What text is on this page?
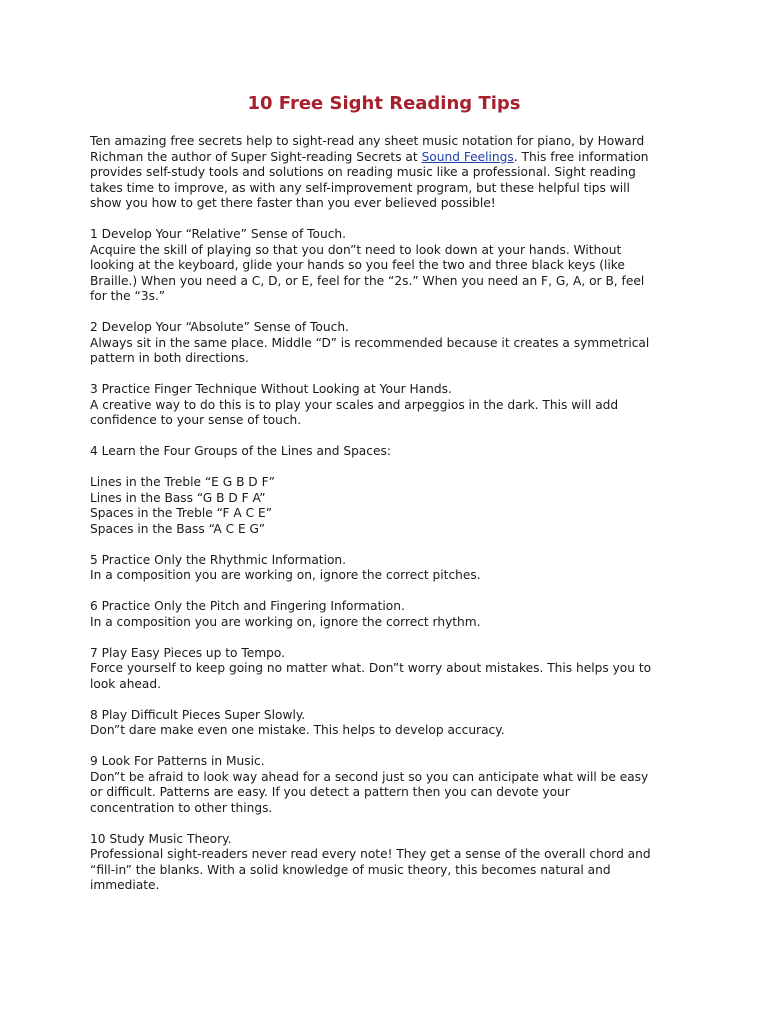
10 Free Sight Reading Tips

Ten amazing free secrets help to sight-read any sheet music notation for piano, by Howard
Richman the author of Super Sight-reading Secrets at Sound Feelings. This free information
provides self-study tools and solutions on reading music like a professional. Sight reading
takes time to improve, as with any self-improvement program, but these helpful tips will
show you how to get there faster than you ever believed possible!

1 Develop Your “Relative” Sense of Touch.
Acquire the skill of playing so that you don”t need to look down at your hands. Without
looking at the keyboard, glide your hands so you feel the two and three black keys (like
Braille.) When you need a C, D, or E, feel for the “2s.” When you need an F, G, A, or B, feel
for the “3s.”

2 Develop Your “Absolute” Sense of Touch.
Always sit in the same place. Middle “D” is recommended because it creates a symmetrical
pattern in both directions.

3 Practice Finger Technique Without Looking at Your Hands.
A creative way to do this is to play your scales and arpeggios in the dark. This will add
confidence to your sense of touch.

4 Learn the Four Groups of the Lines and Spaces:

Lines in the Treble “E G B D F”
Lines in the Bass “G B D F A”
Spaces in the Treble “F A C E”
Spaces in the Bass “A C E G”

5 Practice Only the Rhythmic Information.
In a composition you are working on, ignore the correct pitches.

6 Practice Only the Pitch and Fingering Information.
In a composition you are working on, ignore the correct rhythm.

7 Play Easy Pieces up to Tempo.
Force yourself to keep going no matter what. Don”t worry about mistakes. This helps you to
look ahead.

8 Play Difficult Pieces Super Slowly.
Don”t dare make even one mistake. This helps to develop accuracy.

9 Look For Patterns in Music.
Don”t be afraid to look way ahead for a second just so you can anticipate what will be easy
or difficult. Patterns are easy. If you detect a pattern then you can devote your
concentration to other things.

10 Study Music Theory.
Professional sight-readers never read every note! They get a sense of the overall chord and
“fill-in” the blanks. With a solid knowledge of music theory, this becomes natural and
immediate.
